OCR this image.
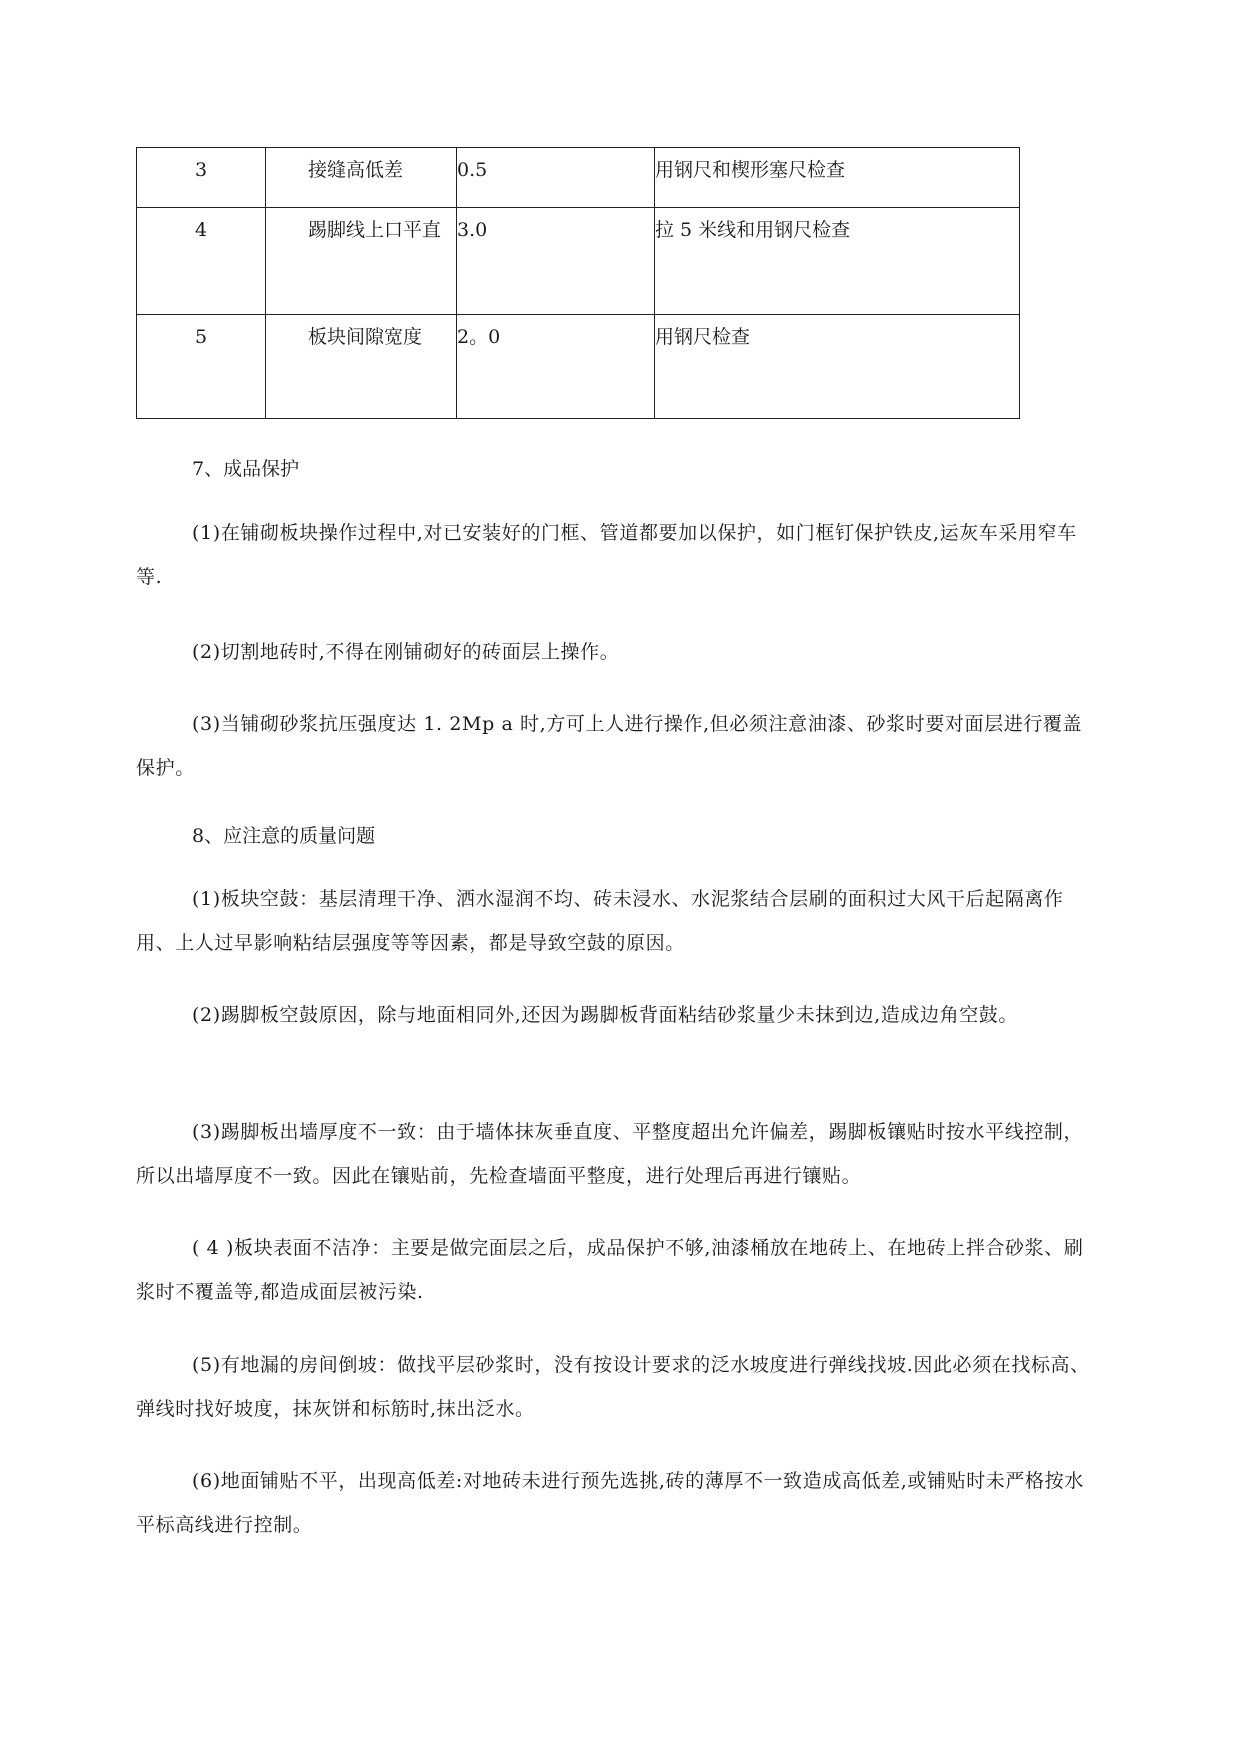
3	接缝高低差	0.5	用钢尺和楔形塞尺检查
4	踢脚线上口平直	3.0	拉 5 米线和用钢尺检查
5	板块间隙宽度	2。0	用钢尺检查
7、成品保护

(1)在铺砌板块操作过程中,对已安装好的门框、管道都要加以保护，如门框钉保护铁皮,运灰车采用窄车等.

(2)切割地砖时,不得在刚铺砌好的砖面层上操作。

(3)当铺砌砂浆抗压强度达 1. 2Mp a 时,方可上人进行操作,但必须注意油漆、砂浆时要对面层进行覆盖保护。

8、应注意的质量问题

(1)板块空鼓：基层清理干净、洒水湿润不均、砖未浸水、水泥浆结合层刷的面积过大风干后起隔离作用、上人过早影响粘结层强度等等因素，都是导致空鼓的原因。

(2)踢脚板空鼓原因，除与地面相同外,还因为踢脚板背面粘结砂浆量少未抹到边,造成边角空鼓。

(3)踢脚板出墙厚度不一致：由于墙体抹灰垂直度、平整度超出允许偏差，踢脚板镶贴时按水平线控制，所以出墙厚度不一致。因此在镶贴前，先检查墙面平整度，进行处理后再进行镶贴。

( 4 )板块表面不洁净：主要是做完面层之后，成品保护不够,油漆桶放在地砖上、在地砖上拌合砂浆、刷浆时不覆盖等,都造成面层被污染.

(5)有地漏的房间倒坡：做找平层砂浆时，没有按设计要求的泛水坡度进行弹线找坡.因此必须在找标高、弹线时找好坡度，抹灰饼和标筋时,抹出泛水。

(6)地面铺贴不平，出现高低差:对地砖未进行预先选挑,砖的薄厚不一致造成高低差,或铺贴时未严格按水平标高线进行控制。
